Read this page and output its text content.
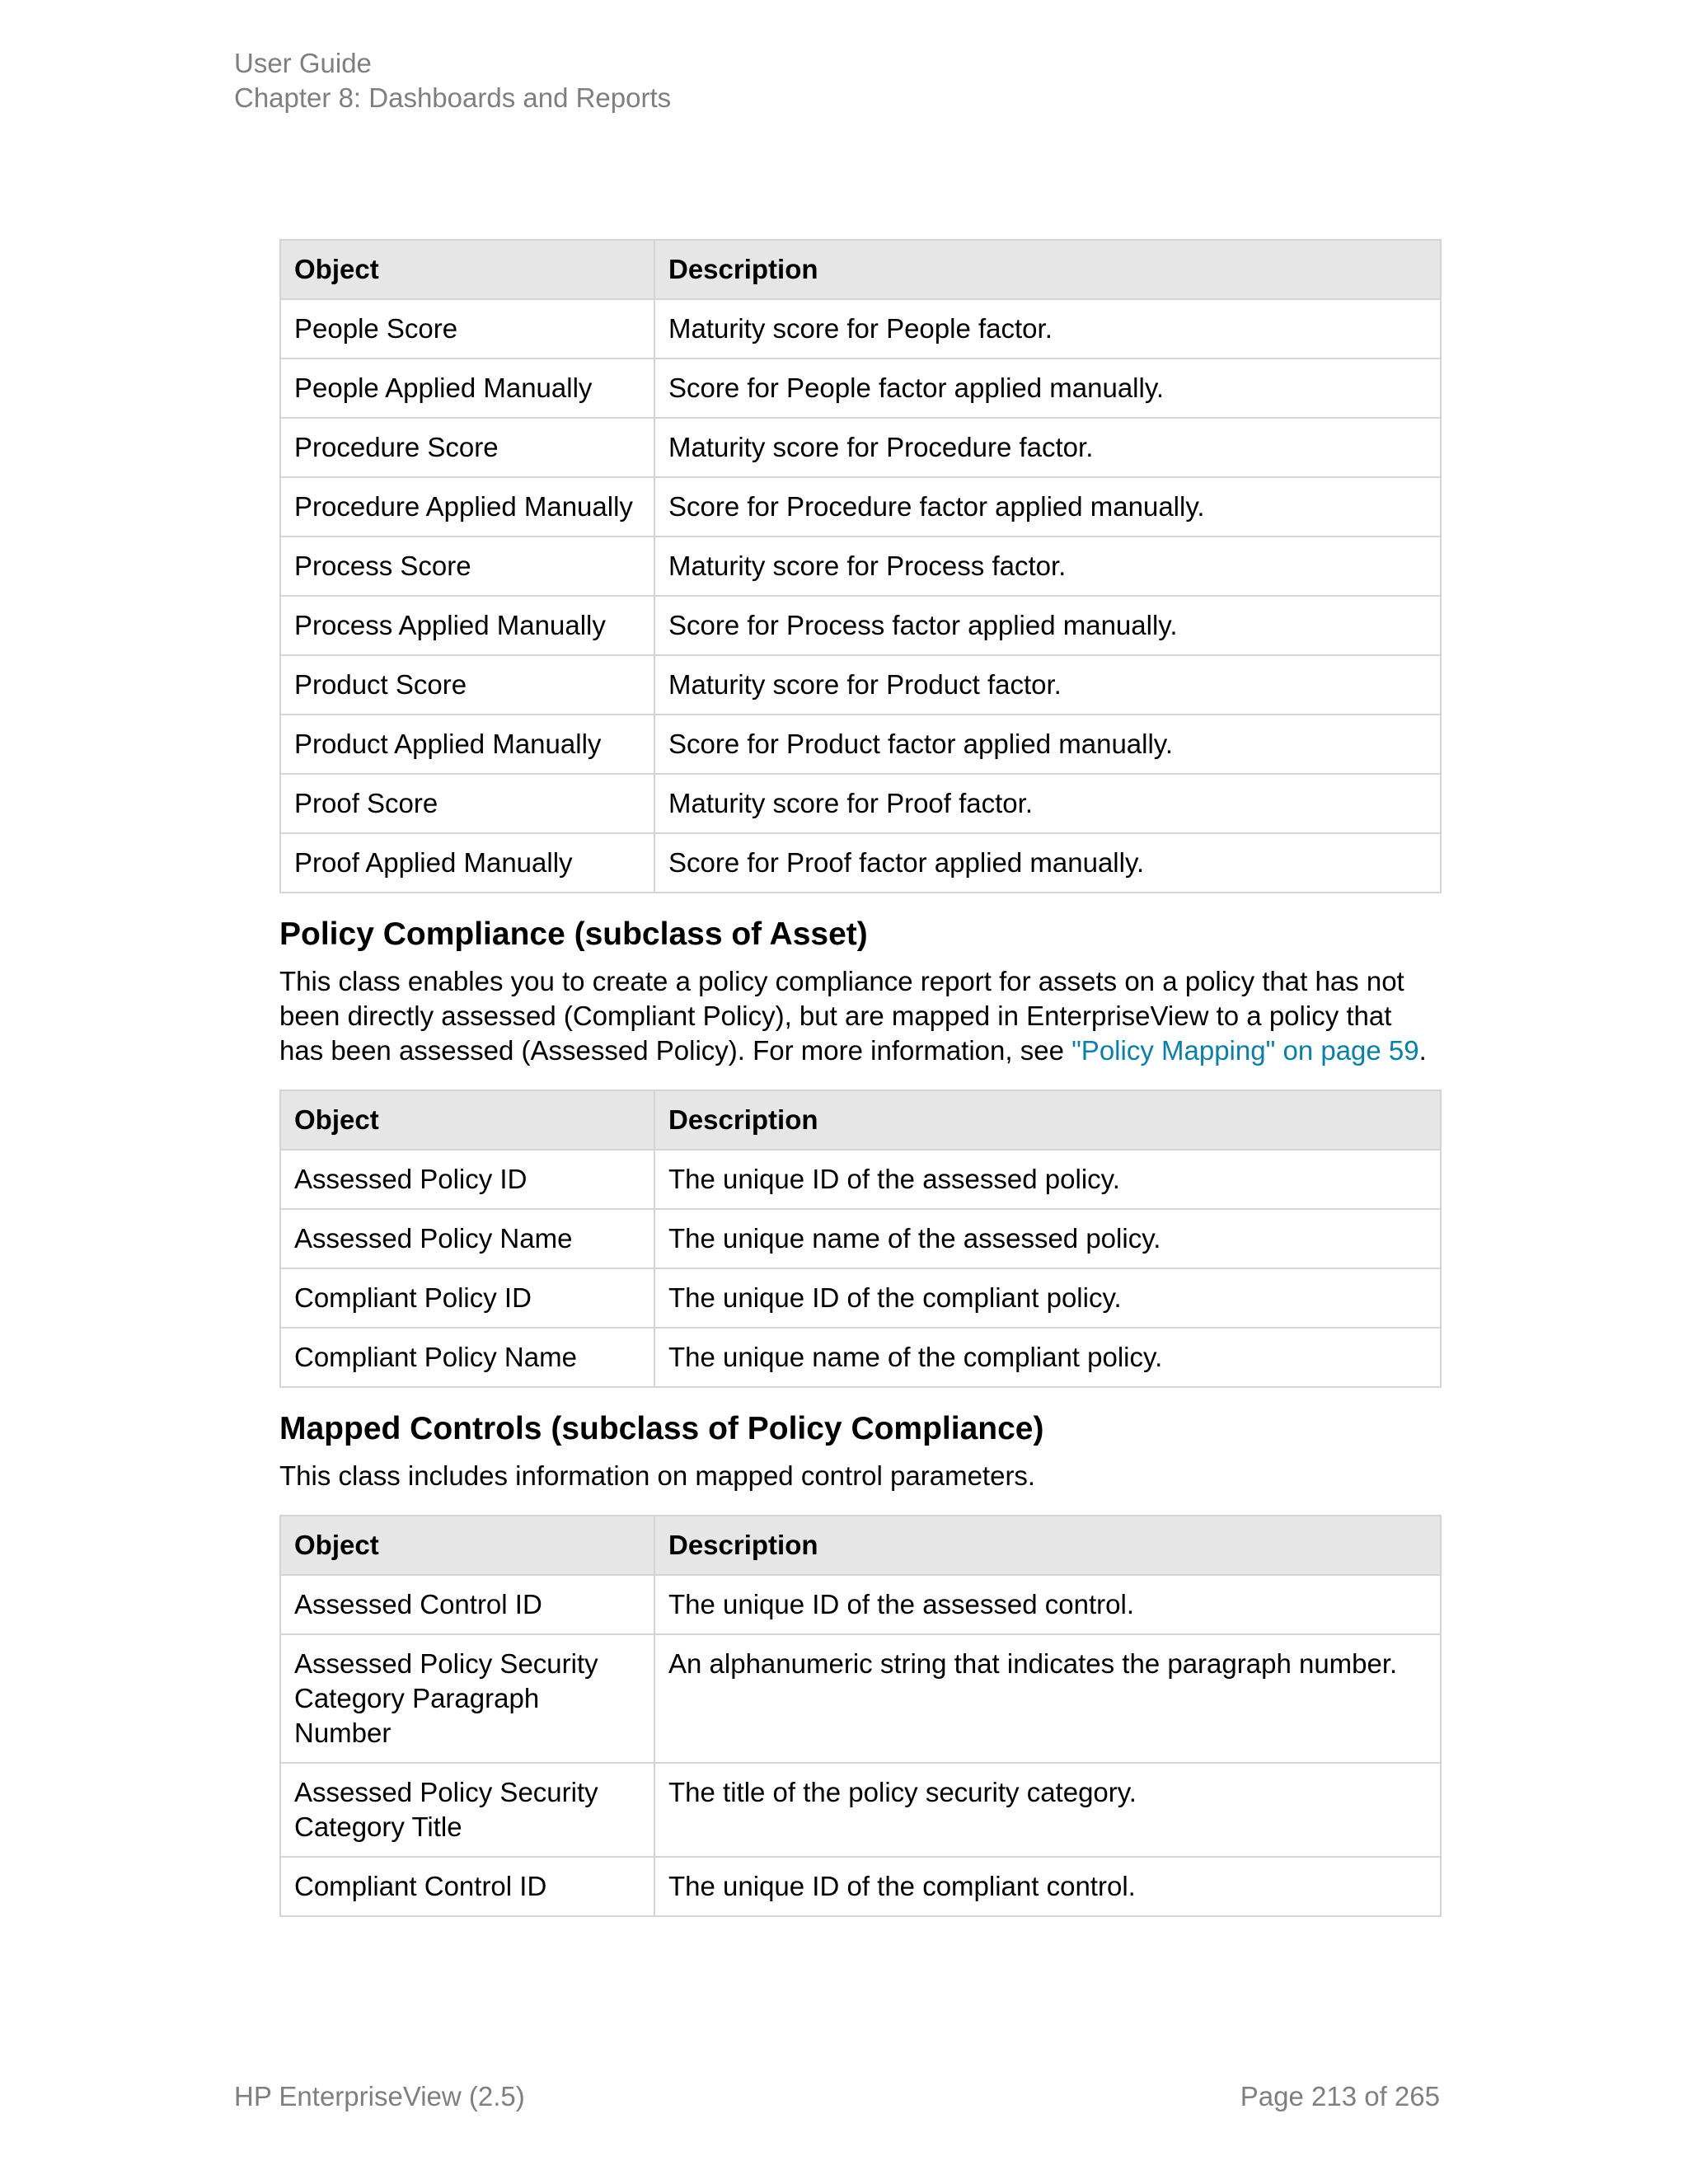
User Guide
Chapter 8: Dashboards and Reports
Object	Description
People Score	Maturity score for People factor.
People Applied Manually	Score for People factor applied manually.
Procedure Score	Maturity score for Procedure factor.
Procedure Applied Manually	Score for Procedure factor applied manually.
Process Score	Maturity score for Process factor.
Process Applied Manually	Score for Process factor applied manually.
Product Score	Maturity score for Product factor.
Product Applied Manually	Score for Product factor applied manually.
Proof Score	Maturity score for Proof factor.
Proof Applied Manually	Score for Proof factor applied manually.
Policy Compliance (subclass of Asset)

This class enables you to create a policy compliance report for assets on a policy that has not been directly assessed (Compliant Policy), but are mapped in EnterpriseView to a policy that has been assessed (Assessed Policy). For more information, see "Policy Mapping" on page 59.

Object	Description
Assessed Policy ID	The unique ID of the assessed policy.
Assessed Policy Name	The unique name of the assessed policy.
Compliant Policy ID	The unique ID of the compliant policy.
Compliant Policy Name	The unique name of the compliant policy.
Mapped Controls (subclass of Policy Compliance)

This class includes information on mapped control parameters.

Object	Description
Assessed Control ID	The unique ID of the assessed control.
Assessed Policy Security Category Paragraph Number	An alphanumeric string that indicates the paragraph number.
Assessed Policy Security Category Title	The title of the policy security category.
Compliant Control ID	The unique ID of the compliant control.
HP EnterpriseView (2.5)	Page 213 of 265
